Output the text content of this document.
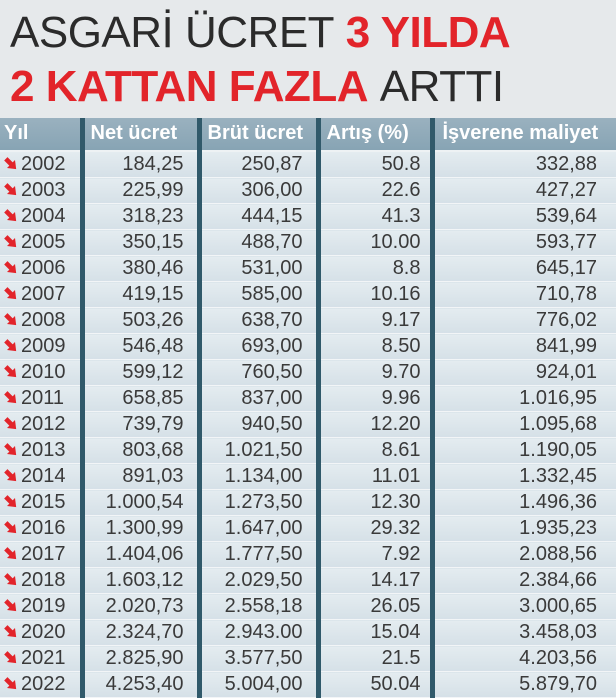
ASGARİ ÜCRET 3 YILDA
2 KATTAN FAZLA ARTTI
Yıl	Net ücret	Brüt ücret	Artış (%)	İşverene maliyet
2002	184,25	250,87	50.8	332,88
2003	225,99	306,00	22.6	427,27
2004	318,23	444,15	41.3	539,64
2005	350,15	488,70	10.00	593,77
2006	380,46	531,00	8.8	645,17
2007	419,15	585,00	10.16	710,78
2008	503,26	638,70	9.17	776,02
2009	546,48	693,00	8.50	841,99
2010	599,12	760,50	9.70	924,01
2011	658,85	837,00	9.96	1.016,95
2012	739,79	940,50	12.20	1.095,68
2013	803,68	1.021,50	8.61	1.190,05
2014	891,03	1.134,00	11.01	1.332,45
2015	1.000,54	1.273,50	12.30	1.496,36
2016	1.300,99	1.647,00	29.32	1.935,23
2017	1.404,06	1.777,50	7.92	2.088,56
2018	1.603,12	2.029,50	14.17	2.384,66
2019	2.020,73	2.558,18	26.05	3.000,65
2020	2.324,70	2.943.00	15.04	3.458,03
2021	2.825,90	3.577,50	21.5	4.203,56
2022	4.253,40	5.004,00	50.04	5.879,70
